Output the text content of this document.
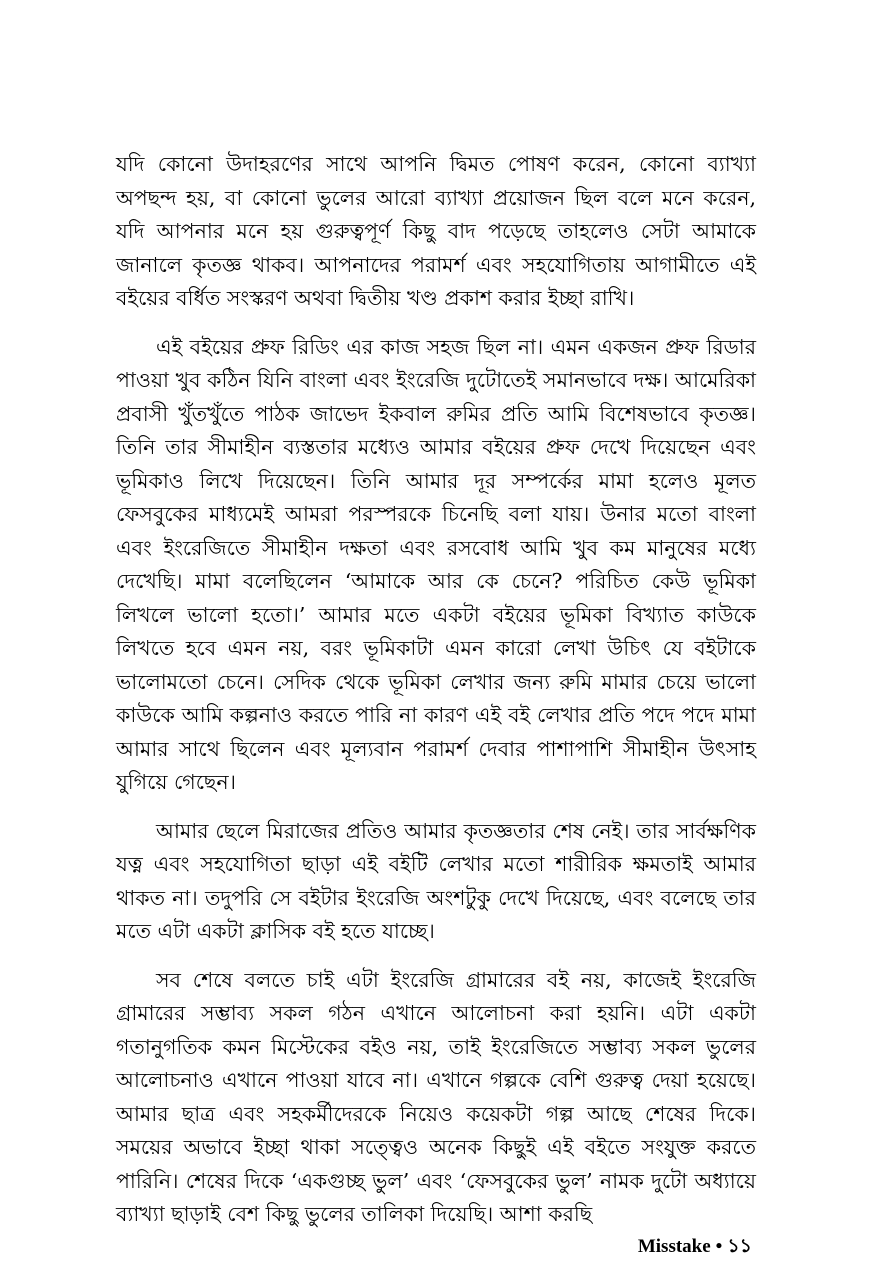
যদি কোনো উদাহরণের সাথে আপনি দ্বিমত পোষণ করেন, কোনো ব্যাখ্যা অপছন্দ হয়, বা কোনো ভুলের আরো ব্যাখ্যা প্রয়োজন ছিল বলে মনে করেন, যদি আপনার মনে হয় গুরুত্বপূর্ণ কিছু বাদ পড়েছে তাহলেও সেটা আমাকে জানালে কৃতজ্ঞ থাকব। আপনাদের পরামর্শ এবং সহযোগিতায় আগামীতে এই বইয়ের বর্ধিত সংস্করণ অথবা দ্বিতীয় খণ্ড প্রকাশ করার ইচ্ছা রাখি।

এই বইয়ের প্রুফ রিডিং এর কাজ সহজ ছিল না। এমন একজন প্রুফ রিডার পাওয়া খুব কঠিন যিনি বাংলা এবং ইংরেজি দুটোতেই সমানভাবে দক্ষ। আমেরিকা প্রবাসী খুঁতখুঁতে পাঠক জাভেদ ইকবাল রুমির প্রতি আমি বিশেষভাবে কৃতজ্ঞ। তিনি তার সীমাহীন ব্যস্ততার মধ্যেও আমার বইয়ের প্রুফ দেখে দিয়েছেন এবং ভূমিকাও লিখে দিয়েছেন। তিনি আমার দূর সম্পর্কের মামা হলেও মূলত ফেসবুকের মাধ্যমেই আমরা পরস্পরকে চিনেছি বলা যায়। উনার মতো বাংলা এবং ইংরেজিতে সীমাহীন দক্ষতা এবং রসবোধ আমি খুব কম মানুষের মধ্যে দেখেছি। মামা বলেছিলেন ‘আমাকে আর কে চেনে? পরিচিত কেউ ভূমিকা লিখলে ভালো হতো।’ আমার মতে একটা বইয়ের ভূমিকা বিখ্যাত কাউকে লিখতে হবে এমন নয়, বরং ভূমিকাটা এমন কারো লেখা উচিৎ যে বইটাকে ভালোমতো চেনে। সেদিক থেকে ভূমিকা লেখার জন্য রুমি মামার চেয়ে ভালো কাউকে আমি কল্পনাও করতে পারি না কারণ এই বই লেখার প্রতি পদে পদে মামা আমার সাথে ছিলেন এবং মূল্যবান পরামর্শ দেবার পাশাপাশি সীমাহীন উৎসাহ যুগিয়ে গেছেন।

আমার ছেলে মিরাজের প্রতিও আমার কৃতজ্ঞতার শেষ নেই। তার সার্বক্ষণিক যত্ন এবং সহযোগিতা ছাড়া এই বইটি লেখার মতো শারীরিক ক্ষমতাই আমার থাকত না। তদুপরি সে বইটার ইংরেজি অংশটুকু দেখে দিয়েছে, এবং বলেছে তার মতে এটা একটা ক্লাসিক বই হতে যাচ্ছে।

সব শেষে বলতে চাই এটা ইংরেজি গ্রামারের বই নয়, কাজেই ইংরেজি গ্রামারের সম্ভাব্য সকল গঠন এখানে আলোচনা করা হয়নি। এটা একটা গতানুগতিক কমন মিস্টেকের বইও নয়, তাই ইংরেজিতে সম্ভাব্য সকল ভুলের আলোচনাও এখানে পাওয়া যাবে না। এখানে গল্পকে বেশি গুরুত্ব দেয়া হয়েছে। আমার ছাত্র এবং সহকর্মীদেরকে নিয়েও কয়েকটা গল্প আছে শেষের দিকে। সময়ের অভাবে ইচ্ছা থাকা সত্ত্বেও অনেক কিছুই এই বইতে সংযুক্ত করতে পারিনি। শেষের দিকে ‘একগুচ্ছ ভুল’ এবং ‘ফেসবুকের ভুল’ নামক দুটো অধ্যায়ে ব্যাখ্যা ছাড়াই বেশ কিছু ভুলের তালিকা দিয়েছি। আশা করছি

Misstake • ১১
